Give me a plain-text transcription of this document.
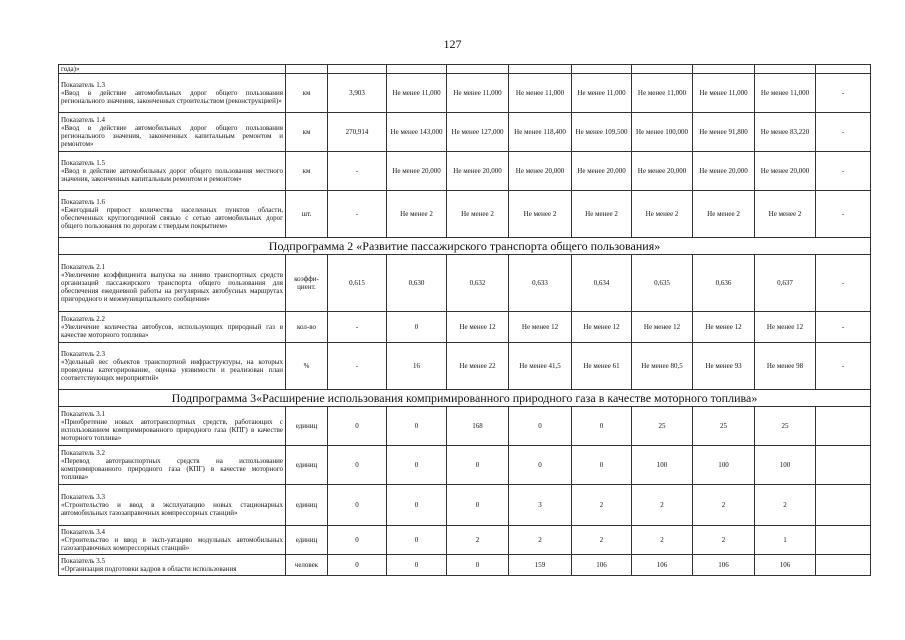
127
года)»										

Показатель 1.3
«Ввод в действие автомобильных дорог общего пользования регионального значения, законченных строительством (реконструкцией)»	км	3,903	Не менее 11,000	Не менее 11,000	Не менее 11,000	Не менее 11,000	Не менее 11,000	Не менее 11,000	Не менее 11,000	-

Показатель 1.4
«Ввод в действие автомобильных дорог общего пользования регионального значения, законченных капитальным ремонтом и ремонтом»	км	270,914	Не менее 143,000	Не менее 127,000	Не менее 118,400	Не менее 109,500	Не менее 100,000	Не менее 91,800	Не менее 83,220	-

Показатель 1.5
«Ввод в действие автомобильных дорог общего пользования местного значения, законченных капитальным ремонтом и ремонтом»	км	-	Не менее 20,000	Не менее 20,000	Не менее 20,000	Не менее 20,000	Не менее 20,000	Не менее 20,000	Не менее 20,000	-

Показатель 1.6
«Ежегодный прирост количества населенных пунктов области, обеспеченных круглогодичной связью с сетью автомобильных дорог общего пользования по дорогам с твердым покрытием»	шт.	-	Не менее 2	Не менее 2	Не менее 2	Не менее 2	Не менее 2	Не менее 2	Не менее 2	-
Подпрограмма 2 «Развитие пассажирского транспорта общего пользования»										

Показатель 2.1
«Увеличение коэффициента выпуска на линию транспортных средств организаций пассажирского транспорта общего пользования для обеспечения ежедневной работы на регулярных автобусных маршрутах пригородного и межмуниципального сообщения»	коэффи-циент.	0,615	0,630	0,632	0,633	0,634	0,635	0,636	0,637	-

Показатель 2.2
«Увеличение количества автобусов, использующих природный газ в качестве моторного топлива»	кол-во	-	0	Не менее 12	Не менее 12	Не менее 12	Не менее 12	Не менее 12	Не менее 12	-

Показатель 2.3
«Удельный вес объектов транспортной инфраструктуры, на которых проведены категорирование, оценка уязвимости и реализован план соответствующих мероприятий»	%	-	16	Не менее 22	Не менее 41,5	Не менее 61	Не менее 80,5	Не менее 93	Не менее 98	-
Подпрограмма 3«Расширение использования компримированного природного газа в качестве моторного топлива»										

Показатель 3.1
«Приобретение новых автотранспортных средств, работающих с использованием компримированного природного газа (КПГ) в качестве моторного топлива»	единиц	0	0	168	0	0	25	25	25	

Показатель 3.2
«Перевод автотранспортных средств на использование компримированного природного газа (КПГ) в качестве моторного топлива»	единиц	0	0	0	0	0	100	100	100	

Показатель 3.3
«Строительство и ввод в эксплуатацию новых стационарных автомобильных газозаправочных компрессорных станций»	единиц	0	0	0	3	2	2	2	2	

Показатель 3.4
«Строительство и ввод в эксп-уатацию модульных автомобильных газозаправочных компрессорных станций»	единиц	0	0	2	2	2	2	2	1	

Показатель 3.5
«Организация подготовки кадров в области использования	человек	0	0	0	159	106	106	106	106	
